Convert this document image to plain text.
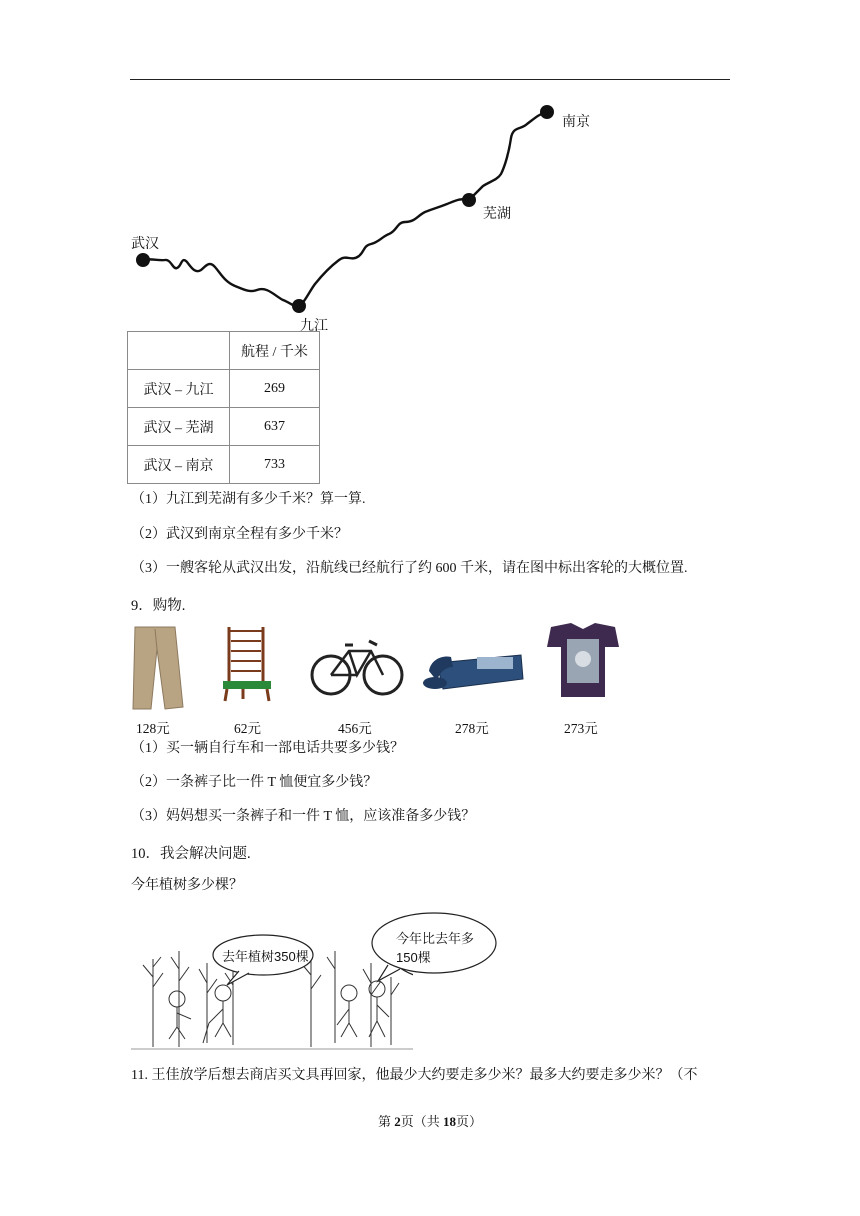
南京
芜湖
武汉
九江
	航程 / 千米
武汉 – 九江	269
武汉 – 芜湖	637
武汉 – 南京	733
（1）九江到芜湖有多少千米？算一算.
（2）武汉到南京全程有多少千米？
（3）一艘客轮从武汉出发，沿航线已经航行了约 600 千米，请在图中标出客轮的大概位置.
9．购物.
128元	62元	456元	278元	273元
（1）买一辆自行车和一部电话共要多少钱？
（2）一条裤子比一件 T 恤便宜多少钱？
（3）妈妈想买一条裤子和一件 T 恤，应该准备多少钱？
10．我会解决问题.
今年植树多少棵？
去年植树350棵
今年比去年多
150棵
11. 王佳放学后想去商店买文具再回家，他最少大约要走多少米？最多大约要走多少米？（不
第 2页（共 18页）
